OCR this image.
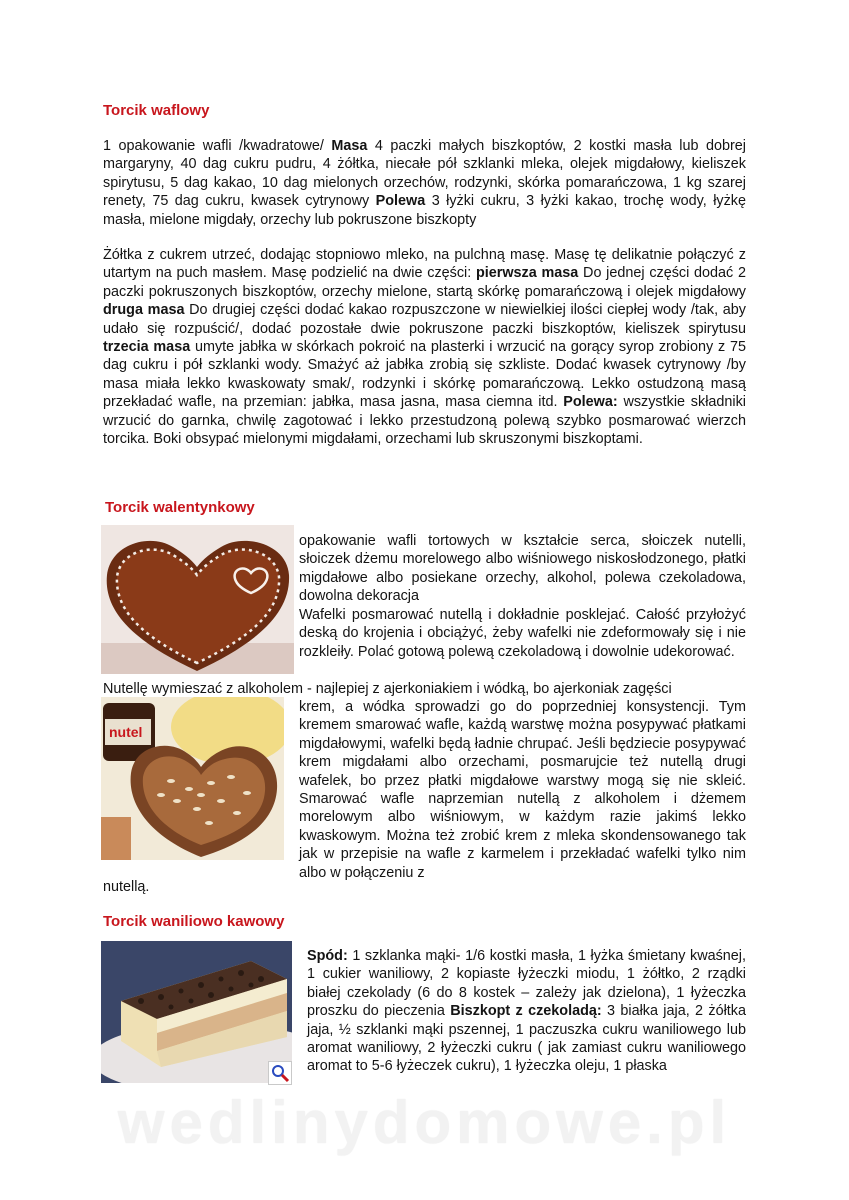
Torcik waflowy

1 opakowanie wafli /kwadratowe/ Masa 4 paczki małych biszkoptów, 2 kostki masła lub dobrej margaryny, 40 dag cukru pudru, 4 żółtka, niecałe pół szklanki mleka, olejek migdałowy, kieliszek spirytusu, 5 dag kakao, 10 dag mielonych orzechów, rodzynki, skórka pomarańczowa, 1 kg szarej renety, 75 dag cukru, kwasek cytrynowy Polewa 3 łyżki cukru, 3 łyżki kakao, trochę wody, łyżkę masła, mielone migdały, orzechy lub pokruszone biszkopty

Żółtka z cukrem utrzeć, dodając stopniowo mleko, na pulchną masę. Masę tę delikatnie połączyć z utartym na puch masłem. Masę podzielić na dwie części: pierwsza masa Do jednej części dodać 2 paczki pokruszonych biszkoptów, orzechy mielone, startą skórkę pomarańczową i olejek migdałowy druga masa Do drugiej części dodać kakao rozpuszczone w niewielkiej ilości ciepłej wody /tak, aby udało się rozpuścić/, dodać pozostałe dwie pokruszone paczki biszkoptów, kieliszek spirytusu trzecia masa umyte jabłka w skórkach pokroić na plasterki i wrzucić na gorący syrop zrobiony z 75 dag cukru i pół szklanki wody. Smażyć aż jabłka zrobią się szkliste. Dodać kwasek cytrynowy /by masa miała lekko kwaskowaty smak/, rodzynki i skórkę pomarańczową. Lekko ostudzoną masą przekładać wafle, na przemian: jabłka, masa jasna, masa ciemna itd. Polewa: wszystkie składniki wrzucić do garnka, chwilę zagotować i lekko przestudzoną polewą szybko posmarować wierzch torcika. Boki obsypać mielonymi migdałami, orzechami lub skruszonymi biszkoptami.

Torcik walentynkowy

opakowanie wafli tortowych w kształcie serca, słoiczek nutelli, słoiczek dżemu morelowego albo wiśniowego niskosłodzonego, płatki migdałowe albo posiekane orzechy, alkohol, polewa czekoladowa, dowolna dekoracja

Wafelki posmarować nutellą i dokładnie posklejać. Całość przyłożyć deską do krojenia i obciążyć, żeby wafelki nie zdeformowały się i nie rozkleiły. Polać gotową polewą czekoladową i dowolnie udekorować.

Nutellę wymieszać z alkoholem - najlepiej z ajerkoniakiem i wódką, bo ajerkoniak zagęści

nutel

krem, a wódka sprowadzi go do poprzedniej konsystencji. Tym kremem smarować wafle, każdą warstwę można posypywać płatkami migdałowymi, wafelki będą ładnie chrupać. Jeśli będziecie posypywać krem migdałami albo orzechami, posmarujcie też nutellą drugi wafelek, bo przez płatki migdałowe warstwy mogą się nie skleić. Smarować wafle naprzemian nutellą z alkoholem i dżemem morelowym albo wiśniowym, w każdym razie jakimś lekko kwaskowym. Można też zrobić krem z mleka skondensowanego tak jak w przepisie na wafle z karmelem i przekładać wafelki tylko nim albo w połączeniu z

nutellą.

Torcik waniliowo kawowy

Spód: 1 szklanka mąki- 1/6 kostki masła, 1 łyżka śmietany kwaśnej, 1 cukier waniliowy, 2 kopiaste łyżeczki miodu, 1 żółtko, 2 rządki białej czekolady (6 do 8 kostek – zależy jak dzielona), 1 łyżeczka proszku do pieczenia Biszkopt z czekoladą: 3 białka jaja, 2 żółtka jaja, ½ szklanki mąki pszennej, 1 paczuszka cukru waniliowego lub aromat waniliowy, 2 łyżeczki cukru ( jak zamiast cukru waniliowego aromat to 5-6 łyżeczek cukru), 1 łyżeczka oleju, 1 płaska

wedlinydomowe.pl
